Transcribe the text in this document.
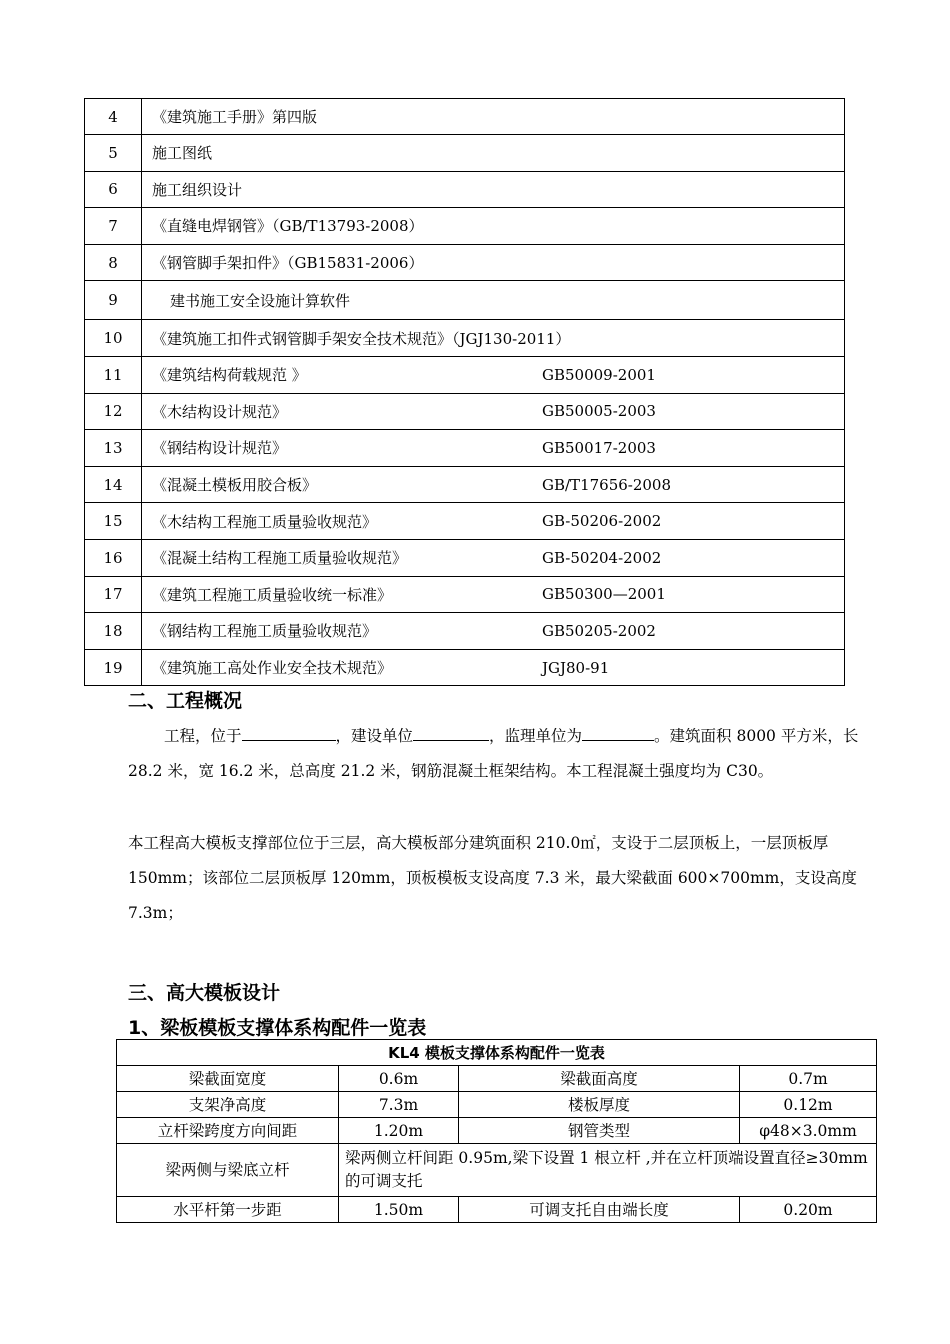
4	《建筑施工手册》第四版
5	施工图纸
6	施工组织设计
7	《直缝电焊钢管》（GB/T13793-2008）
8	《钢管脚手架扣件》（GB15831-2006）
9	建书施工安全设施计算软件
10	《建筑施工扣件式钢管脚手架安全技术规范》（JGJ130-2011）
11	《建筑结构荷载规范 》 GB50009-2001

12	《木结构设计规范》 GB50005-2003

13	《钢结构设计规范》 GB50017-2003

14	《混凝土模板用胶合板》 GB/T17656-2008

15	《木结构工程施工质量验收规范》 GB-50206-2002

16	《混凝土结构工程施工质量验收规范》 GB-50204-2002

17	《建筑工程施工质量验收统一标准》 GB50300—2001

18	《钢结构工程施工质量验收规范》 GB50205-2002

19	《建筑施工高处作业安全技术规范》 JGJ80-91
二、工程概况

工程，位于	，建设单位	，监理单位为	。建筑面积 8000 平方米，长 28.2 米，宽 16.2 米，总高度 21.2 米，钢筋混凝土框架结构。本工程混凝土强度均为 C30。

本工程高大模板支撑部位位于三层，高大模板部分建筑面积 210.0㎡，支设于二层顶板上，一层顶板厚 150mm；该部位二层顶板厚 120mm，顶板模板支设高度 7.3 米，最大梁截面 600×700mm，支设高度 7.3m；

三、高大模板设计
1、梁板模板支撑体系构配件一览表
KL4 模板支撑体系构配件一览表			
梁截面宽度	0.6m	梁截面高度	0.7m
支架净高度	7.3m	楼板厚度	0.12m
立杆梁跨度方向间距	1.20m	钢管类型	φ48×3.0mm
梁两侧与梁底立杆	梁两侧立杆间距 0.95m,梁下设置 1 根立杆 ,并在立杆顶端设置直径≥30mm的可调支托		
水平杆第一步距	1.50m	可调支托自由端长度	0.20m
